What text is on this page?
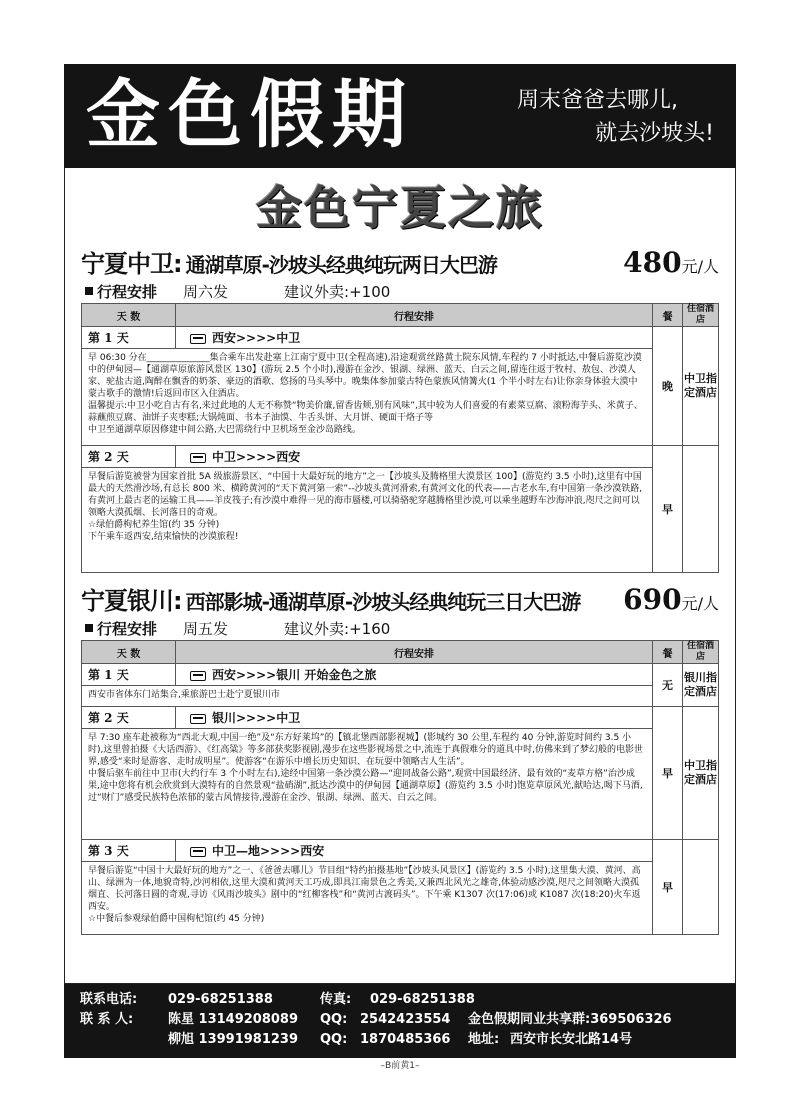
金色假期	周末爸爸去哪儿,
就去沙坡头!
金色宁夏之旅
宁夏中卫: 通湖草原-沙坡头经典纯玩两日大巴游	480 元/人
行程安排 周六发	建议外卖:+100
天 数	行程安排	餐	住宿酒店
第 1 天	西安>>>>中卫	晚	中卫指定酒店
早 06:30 分在______________集合乘车出发赴塞上江南宁夏中卫(全程高速),沿途观赏丝路黄土院东风情,车程约 7 小时抵达,中餐后游览沙漠中的伊甸园—【通湖草原旅游风景区 130】(游玩 2.5 个小时),漫游在金沙、银湖、绿洲、蓝天、白云之间,留连往返于牧村、敖包、沙漠人家、驼盐古道,陶醉在飘香的奶茶、豪迈的酒歌、悠扬的马头琴中。晚集体参加蒙古特色蒙族风情篝火(1 个半小时左右)让你亲身体验大漠中蒙古歌手的激情!后返回市区入住酒店。
温馨提示:中卫小吃自古有名,来过此地的人无不称赞“物美价廉,留香齿颊,别有风味”,其中较为人们喜爱的有素菜豆腐、滚粉海芋头、米黄子、蒜蘸煎豆腐、油饼子夹枣糕;大锅炖面、书本子油馍、牛舌头饼、大月饼、硬面干烙子等
中卫至通湖草原因修建中间公路,大巴需绕行中卫机场至金沙岛路线。			
第 2 天	中卫>>>>西安	早	
早餐后游览被誉为国家首批 5A 级旅游景区、“中国十大最好玩的地方”之一【沙坡头及腾格里大漠景区 100】(游览约 3.5 小时),这里有中国最大的天然滑沙场,有总长 800 米、横跨黄河的“天下黄河第一索”--沙坡头黄河滑索,有黄河文化的代表——古老水车,有中国第一条沙漠铁路,有黄河上最古老的运输工具——羊皮筏子;有沙漠中难得一见的海市蜃楼,可以骑骆驼穿越腾格里沙漠,可以乘坐越野车沙海冲浪,咫尺之间可以领略大漠孤烟、长河落日的奇观。
☆绿伯爵枸杞养生馆(约 35 分钟)
下午乘车返西安,结束愉快的沙漠旅程!			
宁夏银川: 西部影城-通湖草原-沙坡头经典纯玩三日大巴游 690 元/人
行程安排 周五发	建议外卖:+160
天 数	行程安排	餐	住宿酒店
第 1 天	西安>>>>银川 开始金色之旅	无	银川指定酒店
西安市省体东门站集合,乘旅游巴士赴宁夏银川市			
第 2 天	银川>>>>中卫	早	中卫指定酒店
早 7:30 座车赴被称为“西北大观,中国一绝”及“东方好莱坞”的【镇北堡西部影视城】(影城约 30 公里,车程约 40 分钟,游览时间约 3.5 小时),这里曾拍摄《大话西游》、《红高粱》等多部获奖影视剧,漫步在这些影视场景之中,流连于真假难分的道具中时,仿佛来到了梦幻般的电影世界,感受“来时是游客、走时成明星”。使游客“在游乐中增长历史知识、在玩耍中领略古人生活”。
中餐后驱车前往中卫市(大约行车 3 个小时左右),途经中国第一条沙漠公路—“迎同战备公路”,观赏中国最经济、最有效的“麦草方格”治沙成果,途中您将有机会欣赏到大漠特有的自然景观“盐硝湖”,抵达沙漠中的伊甸园【通湖草原】(游览约 3.5 小时)饱览草原风光,献哈达,喝下马酒,过“财门”感受民族特色浓郁的蒙古风情接待,漫游在金沙、银湖、绿洲、蓝天、白云之间。			
第 3 天	中卫—地>>>>西安	早	
早餐后游览“中国十大最好玩的地方”之一、《爸爸去哪儿》节目组“特约拍摄基地”【沙坡头风景区】(游览约 3.5 小时),这里集大漠、黄河、高山、绿洲为一体,地貌奇特,沙河相依,这里大漠和黄河天工巧成,即具江南景色之秀美,又兼西北风光之雄奇,体验动感沙漠,咫尺之间领略大漠孤烟直、长河落日圆的奇观,寻访《风雨沙坡头》剧中的“红柳客栈”和“黄河古渡码头”。下午乘 K1307 次(17:06)或 K1087 次(18:20)火车返西安。
☆中餐后参观绿伯爵中国枸杞馆(约 45 分钟)			
联系电话: 029-68251388	传真: 029-68251388
联 系 人:	陈星 13149208089 QQ: 2542423554 金色假期同业共享群:369506326
柳旭 13991981239 QQ: 1870485366 地址: 西安市长安北路14号
–B前黄1–
